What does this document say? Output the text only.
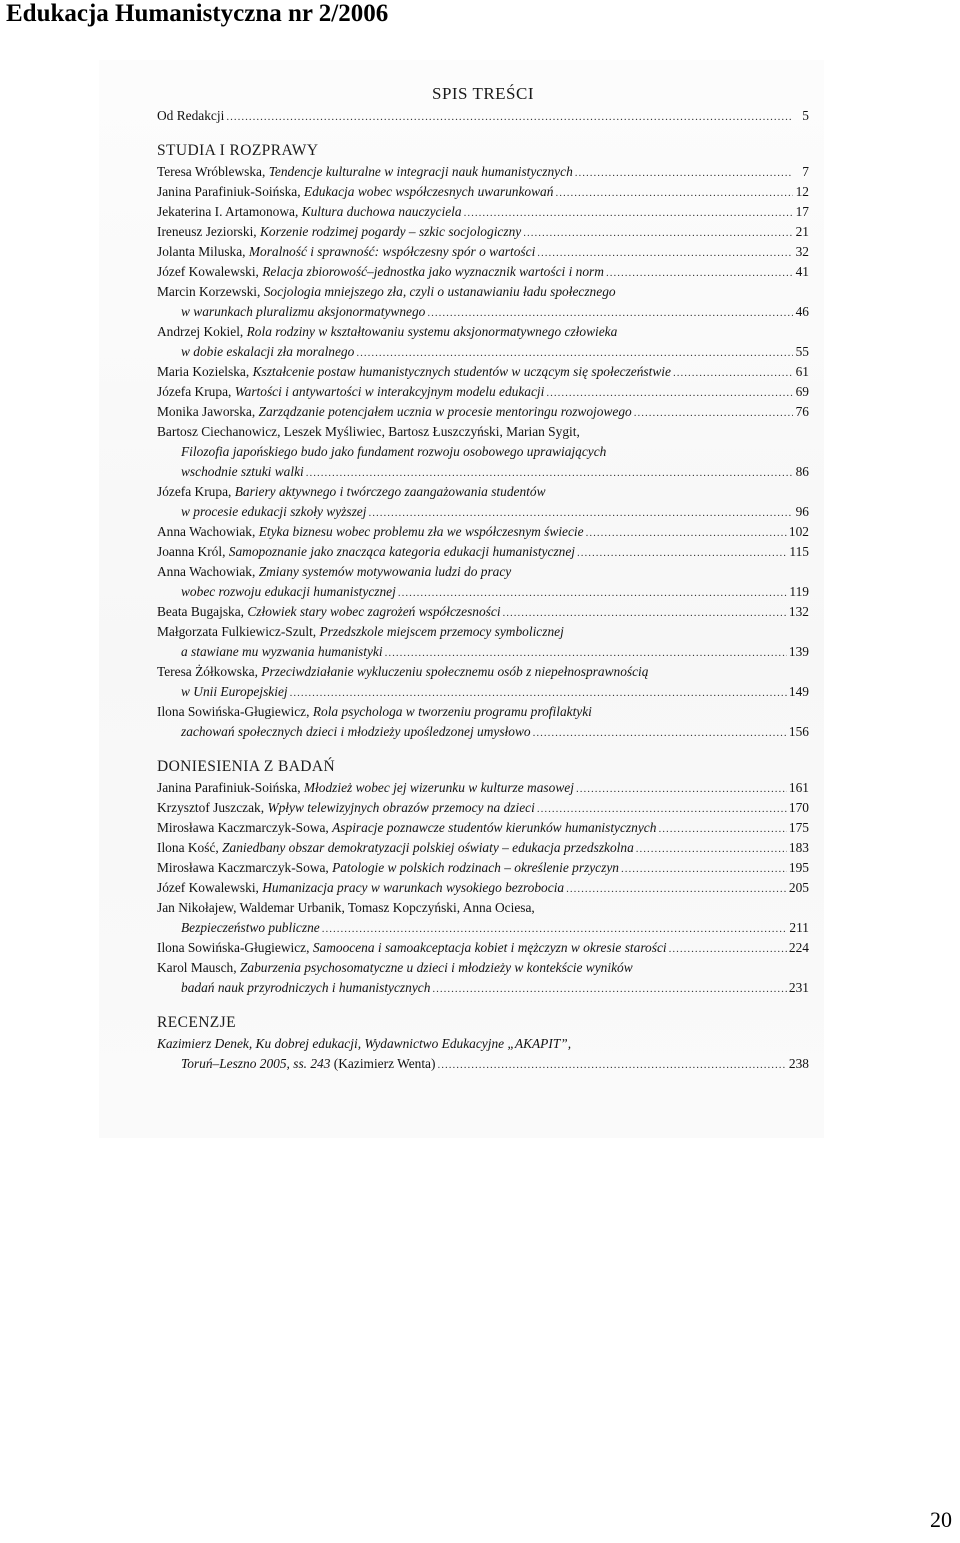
Edukacja Humanistyczna nr 2/2006
SPIS TREŚCI
Od Redakcji .....	5
STUDIA I ROZPRAWY
Teresa Wróblewska, Tendencje kulturalne w integracji nauk humanistycznych .....	7
Janina Parafiniuk-Soińska, Edukacja wobec współczesnych uwarunkowań .....	12
Jekaterina I. Artamonowa, Kultura duchowa nauczyciela .....	17
Ireneusz Jeziorski, Korzenie rodzimej pogardy – szkic socjologiczny .....	21
Jolanta Miluska, Moralność i sprawność: współczesny spór o wartości .....	32
Józef Kowalewski, Relacja zbiorowość–jednostka jako wyznacznik wartości i norm .....	41
Marcin Korzewski, Socjologia mniejszego zła, czyli o ustanawianiu ładu społecznego
w warunkach pluralizmu aksjonormatywnego .....	46
Andrzej Kokiel, Rola rodziny w kształtowaniu systemu aksjonormatywnego człowieka
w dobie eskalacji zła moralnego .....	55
Maria Kozielska, Kształcenie postaw humanistycznych studentów w uczącym się społeczeństwie .....	61
Józefa Krupa, Wartości i antywartości w interakcyjnym modelu edukacji .....	69
Monika Jaworska, Zarządzanie potencjałem ucznia w procesie mentoringu rozwojowego .....	76
Bartosz Ciechanowicz, Leszek Myśliwiec, Bartosz Łuszczyński, Marian Sygit,
Filozofia japońskiego budo jako fundament rozwoju osobowego uprawiających
wschodnie sztuki walki .....	86
Józefa Krupa, Bariery aktywnego i twórczego zaangażowania studentów
w procesie edukacji szkoły wyższej .....	96
Anna Wachowiak, Etyka biznesu wobec problemu zła we współczesnym świecie .....	102
Joanna Król, Samopoznanie jako znacząca kategoria edukacji humanistycznej .....	115
Anna Wachowiak, Zmiany systemów motywowania ludzi do pracy
wobec rozwoju edukacji humanistycznej .....	119
Beata Bugajska, Człowiek stary wobec zagrożeń współczesności .....	132
Małgorzata Fulkiewicz-Szult, Przedszkole miejscem przemocy symbolicznej
a stawiane mu wyzwania humanistyki .....	139
Teresa Żółkowska, Przeciwdziałanie wykluczeniu społecznemu osób z niepełnosprawnością
w Unii Europejskiej .....	149
Ilona Sowińska-Gługiewicz, Rola psychologa w tworzeniu programu profilaktyki
zachowań społecznych dzieci i młodzieży upośledzonej umysłowo .....	156
DONIESIENIA Z BADAŃ
Janina Parafiniuk-Soińska, Młodzież wobec jej wizerunku w kulturze masowej .....	161
Krzysztof Juszczak, Wpływ telewizyjnych obrazów przemocy na dzieci .....	170
Mirosława Kaczmarczyk-Sowa, Aspiracje poznawcze studentów kierunków humanistycznych .....	175
Ilona Kość, Zaniedbany obszar demokratyzacji polskiej oświaty – edukacja przedszkolna .....	183
Mirosława Kaczmarczyk-Sowa, Patologie w polskich rodzinach – określenie przyczyn .....	195
Józef Kowalewski, Humanizacja pracy w warunkach wysokiego bezrobocia .....	205
Jan Nikołajew, Waldemar Urbanik, Tomasz Kopczyński, Anna Ociesa,
Bezpieczeństwo publiczne .....	211
Ilona Sowińska-Gługiewicz, Samoocena i samoakceptacja kobiet i mężczyzn w okresie starości .....	224
Karol Mausch, Zaburzenia psychosomatyczne u dzieci i młodzieży w kontekście wyników
badań nauk przyrodniczych i humanistycznych .....	231
RECENZJE
Kazimierz Denek, Ku dobrej edukacji, Wydawnictwo Edukacyjne „AKAPIT”,
Toruń–Leszno 2005, ss. 243 (Kazimierz Wenta) .....	238
20
